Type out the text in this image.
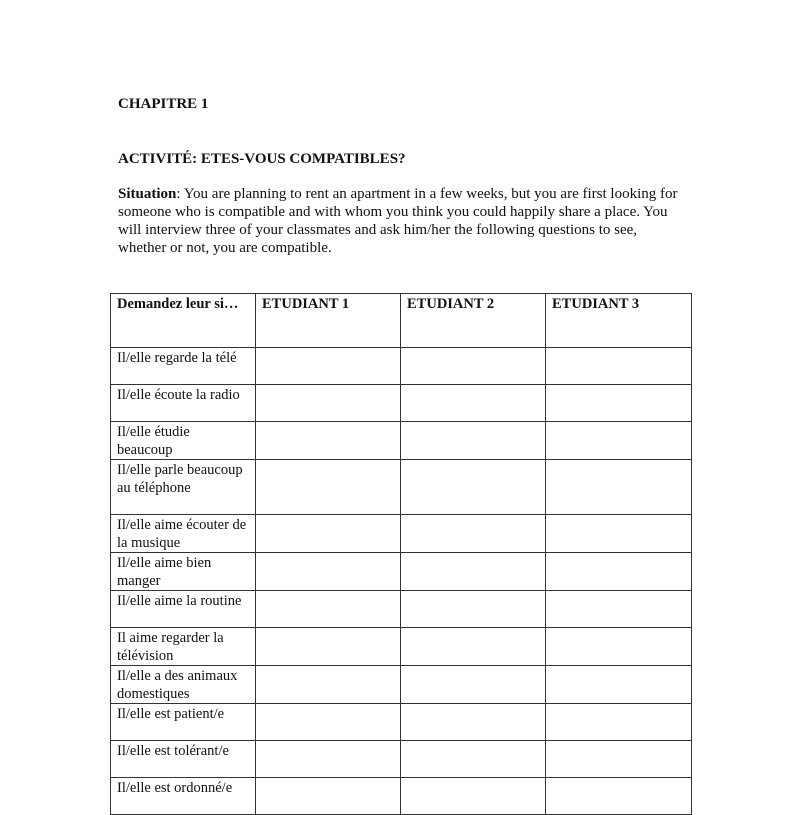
CHAPITRE 1

ACTIVITÉ: ETES-VOUS COMPATIBLES?

Situation: You are planning to rent an apartment in a few weeks, but you are first looking for someone who is compatible and with whom you think you could happily share a place. You will interview three of your classmates and ask him/her the following questions to see, whether or not, you are compatible.

Demandez leur si…	ETUDIANT 1	ETUDIANT 2	ETUDIANT 3
Il/elle regarde la télé			
Il/elle écoute la radio			
Il/elle étudie beaucoup			
Il/elle parle beaucoup au téléphone			
Il/elle aime écouter de la musique			
Il/elle aime bien manger			
Il/elle aime la routine			
Il aime regarder la télévision			
Il/elle a des animaux domestiques			
Il/elle est patient/e			
Il/elle est tolérant/e			
Il/elle est ordonné/e			
